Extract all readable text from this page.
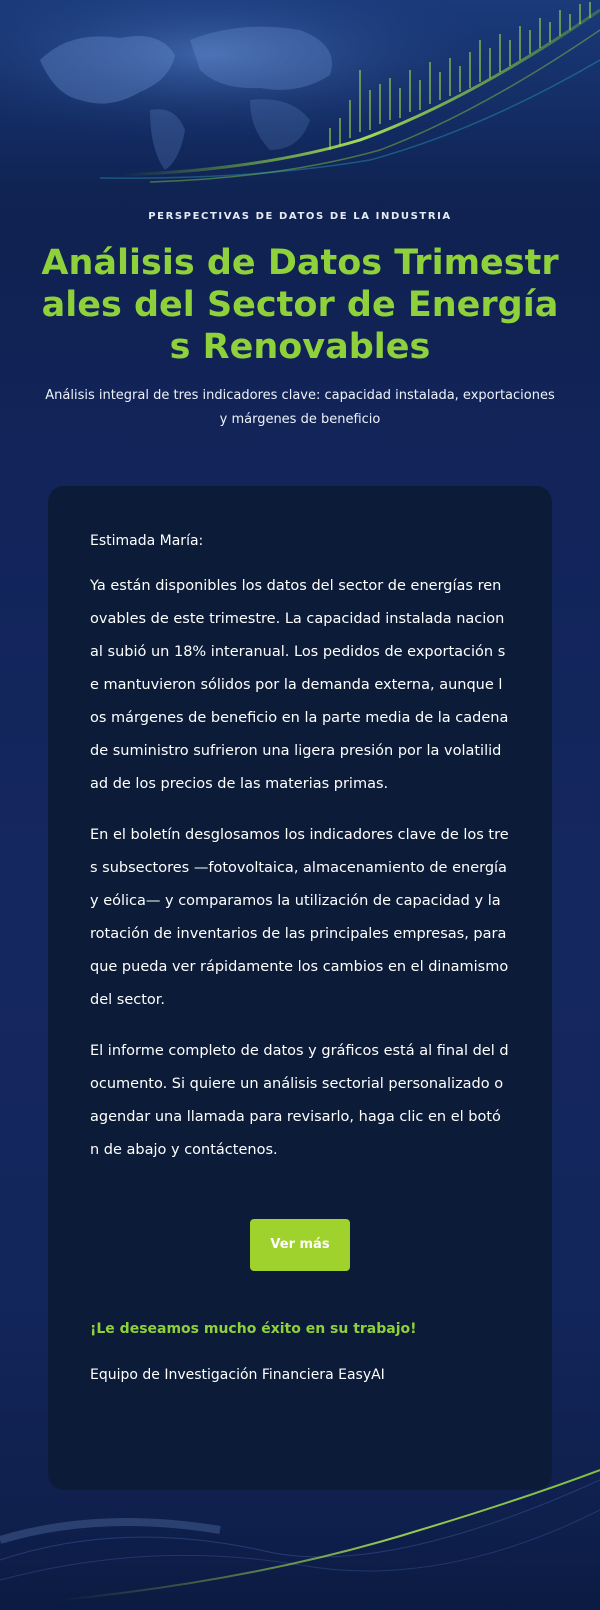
PERSPECTIVAS DE DATOS DE LA INDUSTRIA

Análisis de Datos Trimestrales del Sector de Energías Renovables

Análisis integral de tres indicadores clave: capacidad instalada, exportaciones y márgenes de beneficio

Estimada María:

Ya están disponibles los datos del sector de energías renovables de este trimestre. La capacidad instalada nacional subió un 18% interanual. Los pedidos de exportación se mantuvieron sólidos por la demanda externa, aunque los márgenes de beneficio en la parte media de la cadena de suministro sufrieron una ligera presión por la volatilidad de los precios de las materias primas.

En el boletín desglosamos los indicadores clave de los tres subsectores —fotovoltaica, almacenamiento de energía y eólica— y comparamos la utilización de capacidad y la rotación de inventarios de las principales empresas, para que pueda ver rápidamente los cambios en el dinamismo del sector.

El informe completo de datos y gráficos está al final del documento. Si quiere un análisis sectorial personalizado o agendar una llamada para revisarlo, haga clic en el botón de abajo y contáctenos.

Ver más

¡Le deseamos mucho éxito en su trabajo!

Equipo de Investigación Financiera EasyAI
